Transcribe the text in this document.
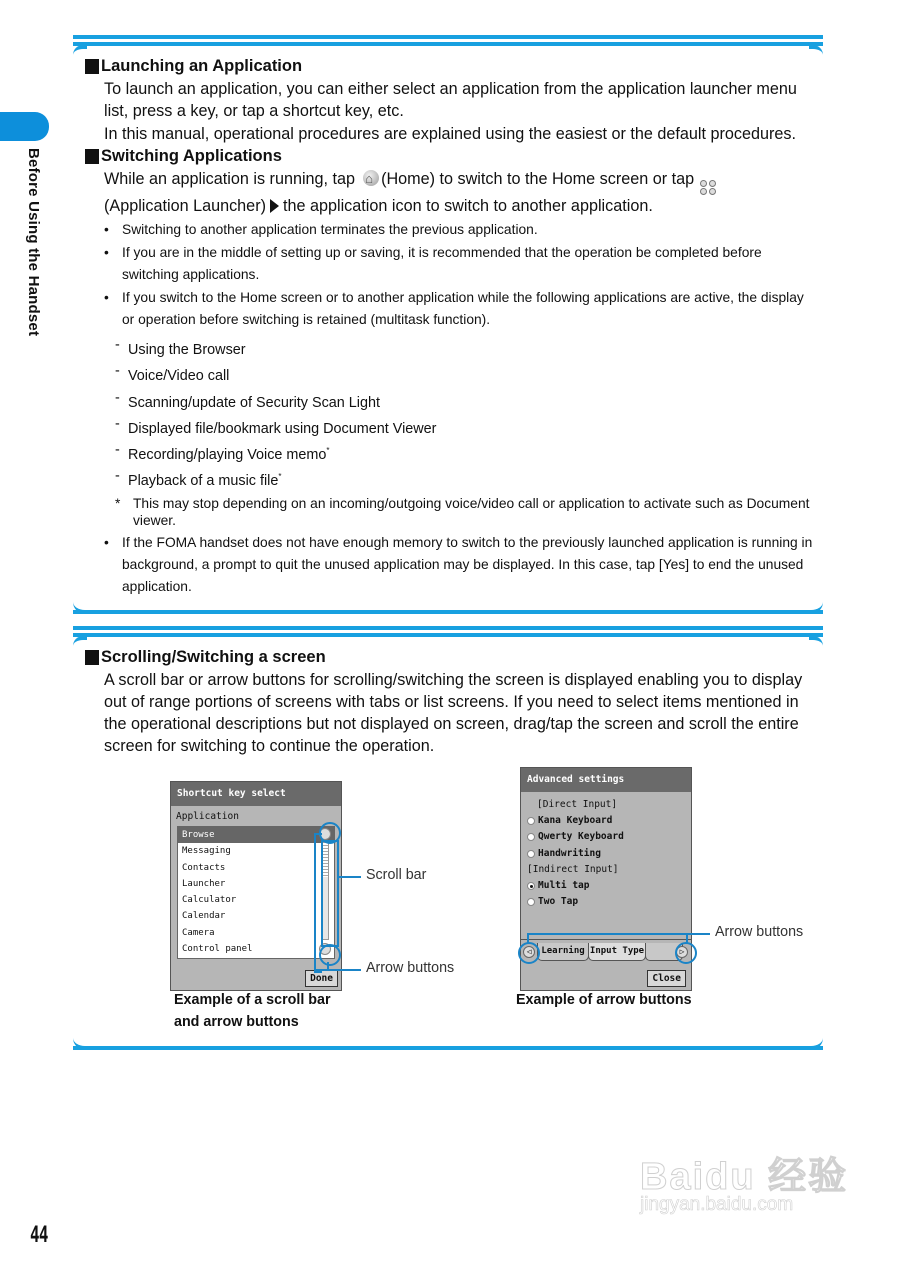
Before Using the Handset
Launching an Application

To launch an application, you can either select an application from the application launcher menu list, press a key, or tap a shortcut key, etc.

In this manual, operational procedures are explained using the easiest or the default procedures.

Switching Applications

While an application is running, tap ⌂ (Home) to switch to the Home screen or tap
(Application Launcher) the application icon to switch to another application.

• Switching to another application terminates the previous application.
• If you are in the middle of setting up or saving, it is recommended that the operation be completed before switching applications.
• If you switch to the Home screen or to another application while the following applications are active, the display or operation before switching is retained (multitask function).
- Using the Browser
- Voice/Video call
- Scanning/update of Security Scan Light
- Displayed file/bookmark using Document Viewer
- Recording/playing Voice memo*
- Playback of a music file*
* This may stop depending on an incoming/outgoing voice/video call or application to activate such as Document viewer.
• If the FOMA handset does not have enough memory to switch to the previously launched application is running in background, a prompt to quit the unused application may be displayed. In this case, tap [Yes] to end the unused application.
Scrolling/Switching a screen

A scroll bar or arrow buttons for scrolling/switching the screen is displayed enabling you to display out of range portions of screens with tabs or list screens. If you need to select items mentioned in the operational descriptions but not displayed on screen, drag/tap the screen and scroll the entire screen for switching to continue the operation.

Shortcut key select
Application
Browse
Messaging
Contacts
Launcher
Calculator
Calendar
Camera
Control panel
Done
Scroll bar
Arrow buttons
Example of a scroll bar
and arrow buttons
Advanced settings
[Direct Input]
Kana Keyboard
Qwerty Keyboard
Handwriting
[Indirect Input]
Multi tap
Two Tap
◁	Learning Input Type	▷
Close
Arrow buttons
Example of arrow buttons
44
Baidu 经验
jingyan.baidu.com
